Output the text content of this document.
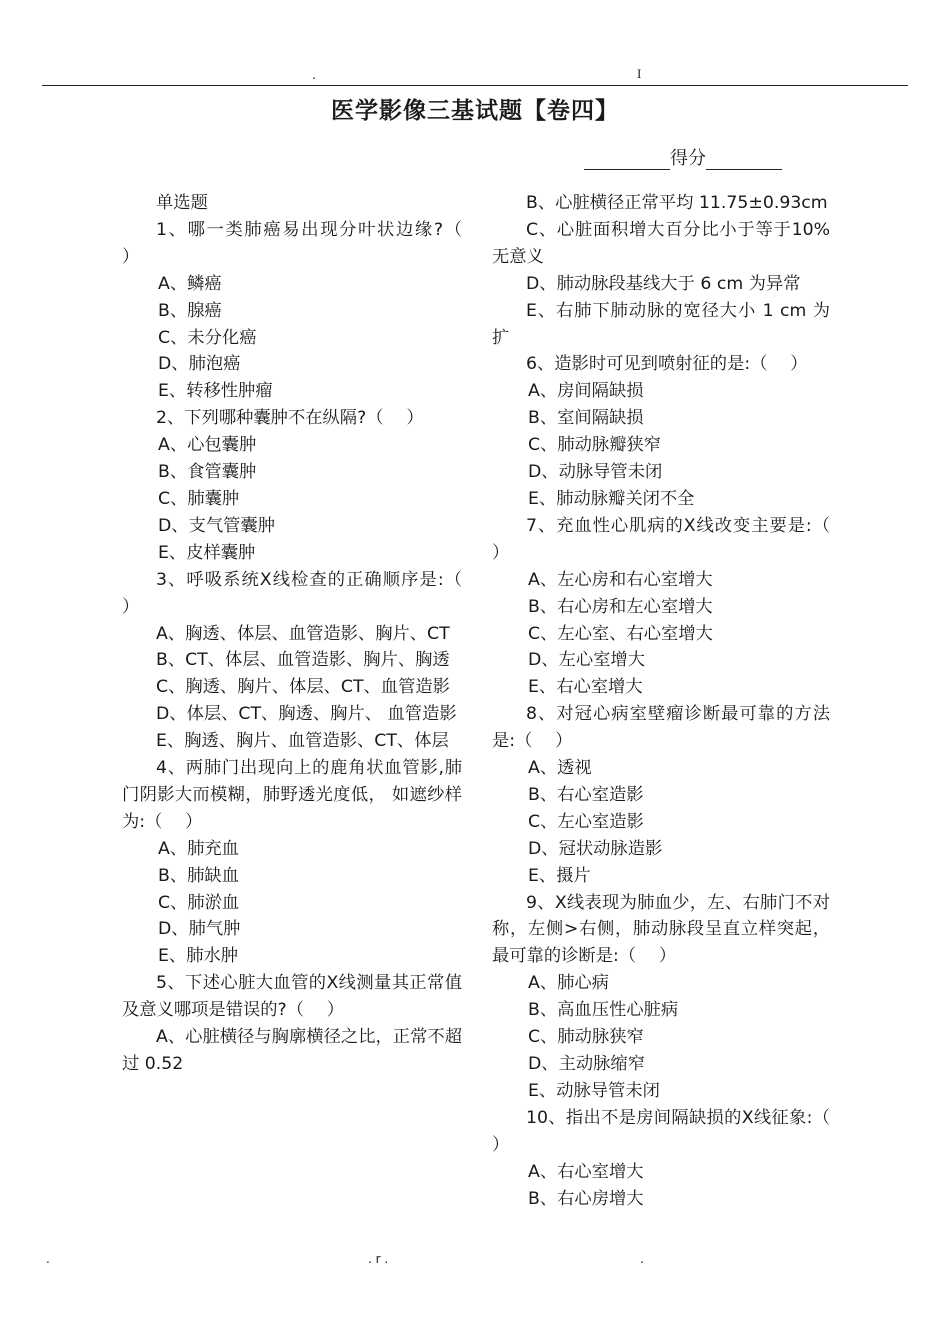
.	I
医学影像三基试题【卷四】
得分

单选题

1、哪一类肺癌易出现分叶状边缘?（　 ）

A、鳞癌

B、腺癌

C、未分化癌

D、肺泡癌

E、转移性肿瘤

2、下列哪种囊肿不在纵隔?（　 ）

A、心包囊肿

B、食管囊肿

C、肺囊肿

D、支气管囊肿

E、皮样囊肿

3、呼吸系统X线检查的正确顺序是:（　 ）

A、胸透、体层、血管造影、胸片、CT

B、CT、体层、血管造影、胸片、胸透

C、胸透、胸片、体层、CT、血管造影

D、体层、CT、胸透、胸片、 血管造影

E、胸透、胸片、血管造影、CT、体层

4、两肺门出现向上的鹿角状血管影,肺门阴影大而模糊，肺野透光度低， 如遮纱样为:（　 ）

A、肺充血

B、肺缺血

C、肺淤血

D、肺气肿

E、肺水肿

5、下述心脏大血管的X线测量其正常值及意义哪项是错误的?（　 ）

A、心脏横径与胸廓横径之比，正常不超过 0.52

B、心脏横径正常平均 11.75±0.93cm

C、心脏面积增大百分比小于等于10%无意义

D、肺动脉段基线大于 6 cm 为异常

E、右肺下肺动脉的宽径大小 1 cm 为扩

6、造影时可见到喷射征的是:（　 ）

A、房间隔缺损

B、室间隔缺损

C、肺动脉瓣狭窄

D、动脉导管未闭

E、肺动脉瓣关闭不全

7、充血性心肌病的X线改变主要是:（　 ）

A、左心房和右心室增大

B、右心房和左心室增大

C、左心室、右心室增大

D、左心室增大

E、右心室增大

8、对冠心病室壁瘤诊断最可靠的方法是:（　 ）

A、透视

B、右心室造影

C、左心室造影

D、冠状动脉造影

E、摄片

9、X线表现为肺血少，左、右肺门不对称，左侧>右侧，肺动脉段呈直立样突起，最可靠的诊断是:（　 ）

A、肺心病

B、高血压性心脏病

C、肺动脉狭窄

D、主动脉缩窄

E、动脉导管未闭

10、指出不是房间隔缺损的X线征象:（　 ）

A、右心室增大

B、右心房增大

.	. r .	.
